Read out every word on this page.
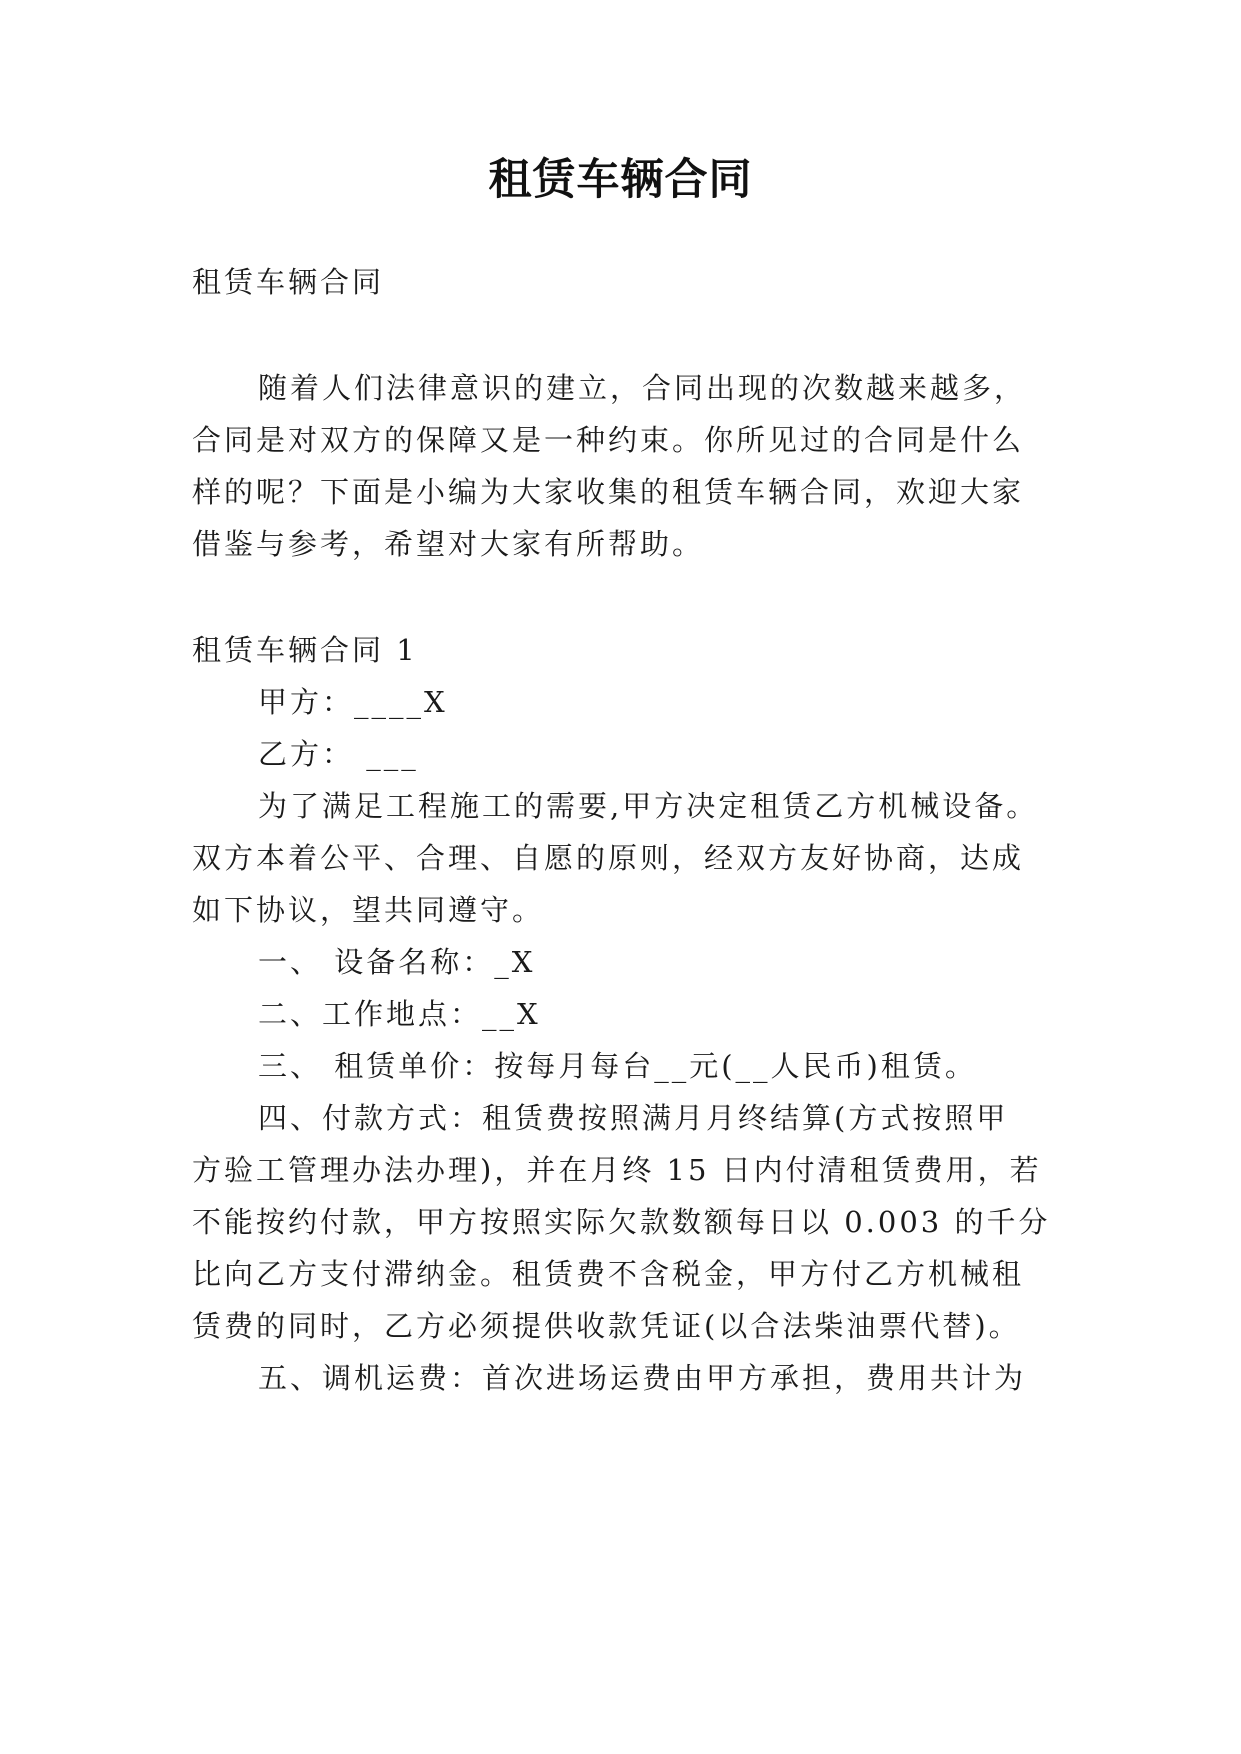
租赁车辆合同
租赁车辆合同
随着人们法律意识的建立，合同出现的次数越来越多，
合同是对双方的保障又是一种约束。你所见过的合同是什么
样的呢？下面是小编为大家收集的租赁车辆合同，欢迎大家
借鉴与参考，希望对大家有所帮助。
租赁车辆合同 1
甲方：____X
乙方： ___
为了满足工程施工的需要,甲方决定租赁乙方机械设备。
双方本着公平、合理、自愿的原则，经双方友好协商，达成
如下协议，望共同遵守。
一、 设备名称：_X
二、工作地点：__X
三、 租赁单价：按每月每台__元(__人民币)租赁。
四、付款方式：租赁费按照满月月终结算(方式按照甲
方验工管理办法办理)，并在月终 15 日内付清租赁费用，若
不能按约付款，甲方按照实际欠款数额每日以 0.003 的千分
比向乙方支付滞纳金。租赁费不含税金，甲方付乙方机械租
赁费的同时，乙方必须提供收款凭证(以合法柴油票代替)。
五、调机运费：首次进场运费由甲方承担，费用共计为
